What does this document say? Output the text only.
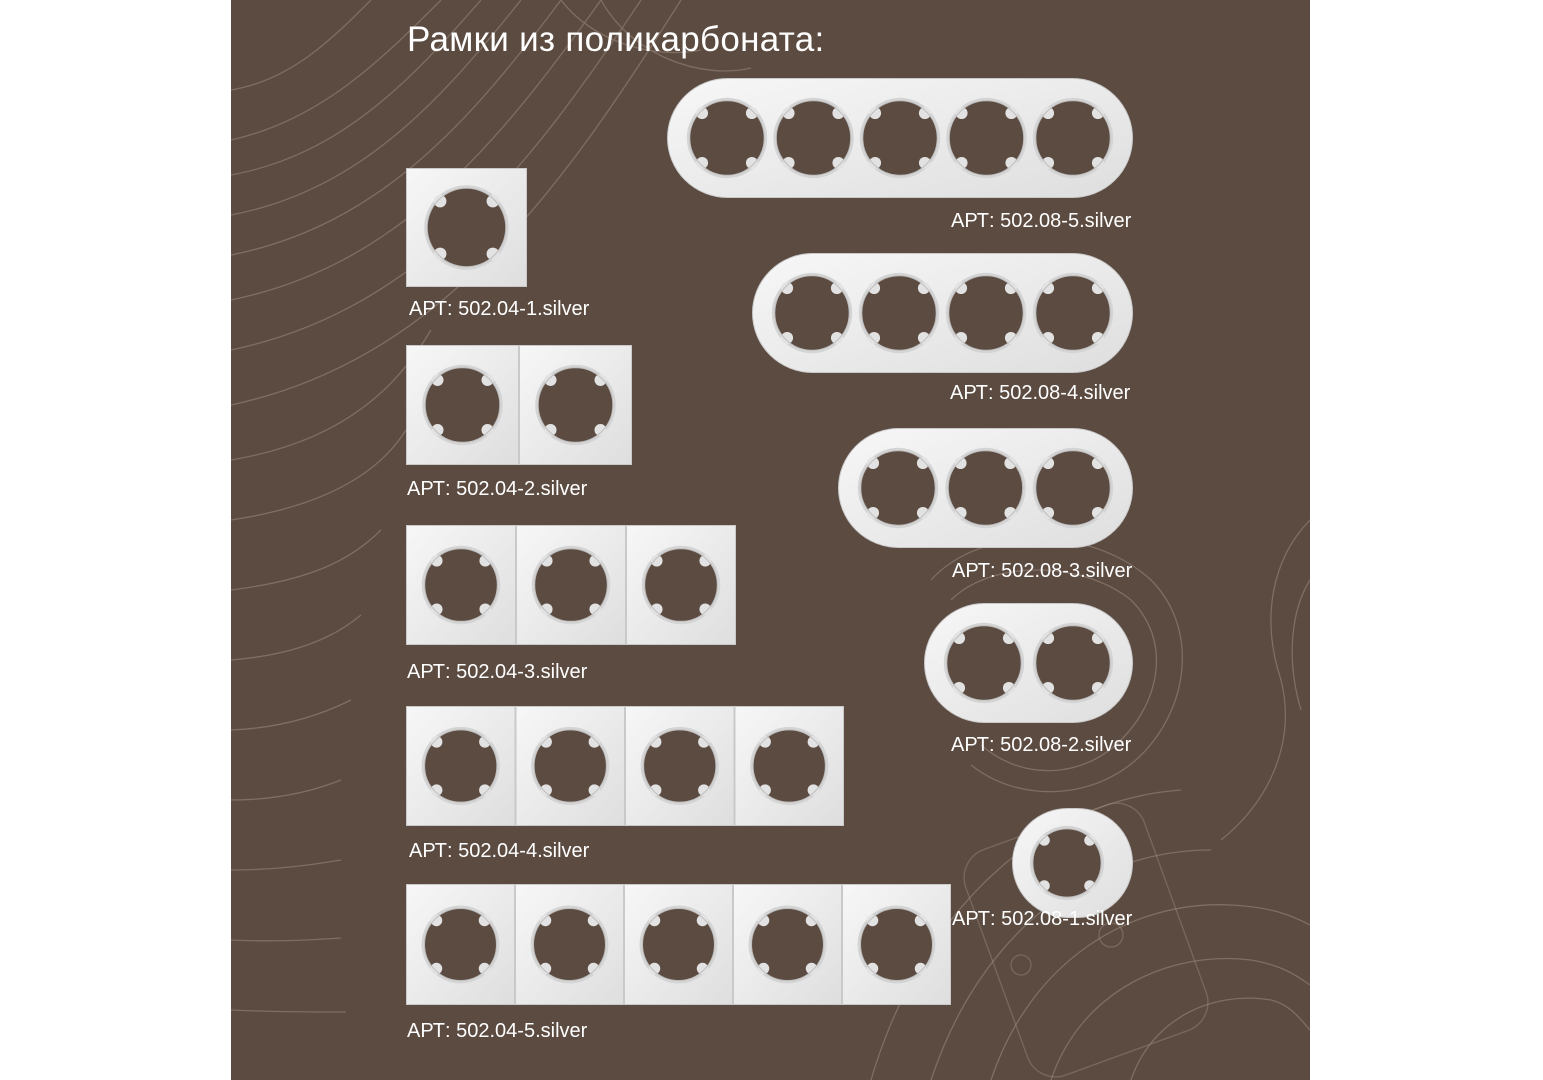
Рамки из поликарбоната:
АРТ: 502.04-1.silver
АРТ: 502.04-2.silver
АРТ: 502.04-3.silver
АРТ: 502.04-4.silver
АРТ: 502.04-5.silver
АРТ: 502.08-5.silver
АРТ: 502.08-4.silver
АРТ: 502.08-3.silver
АРТ: 502.08-2.silver
АРТ: 502.08-1.silver
